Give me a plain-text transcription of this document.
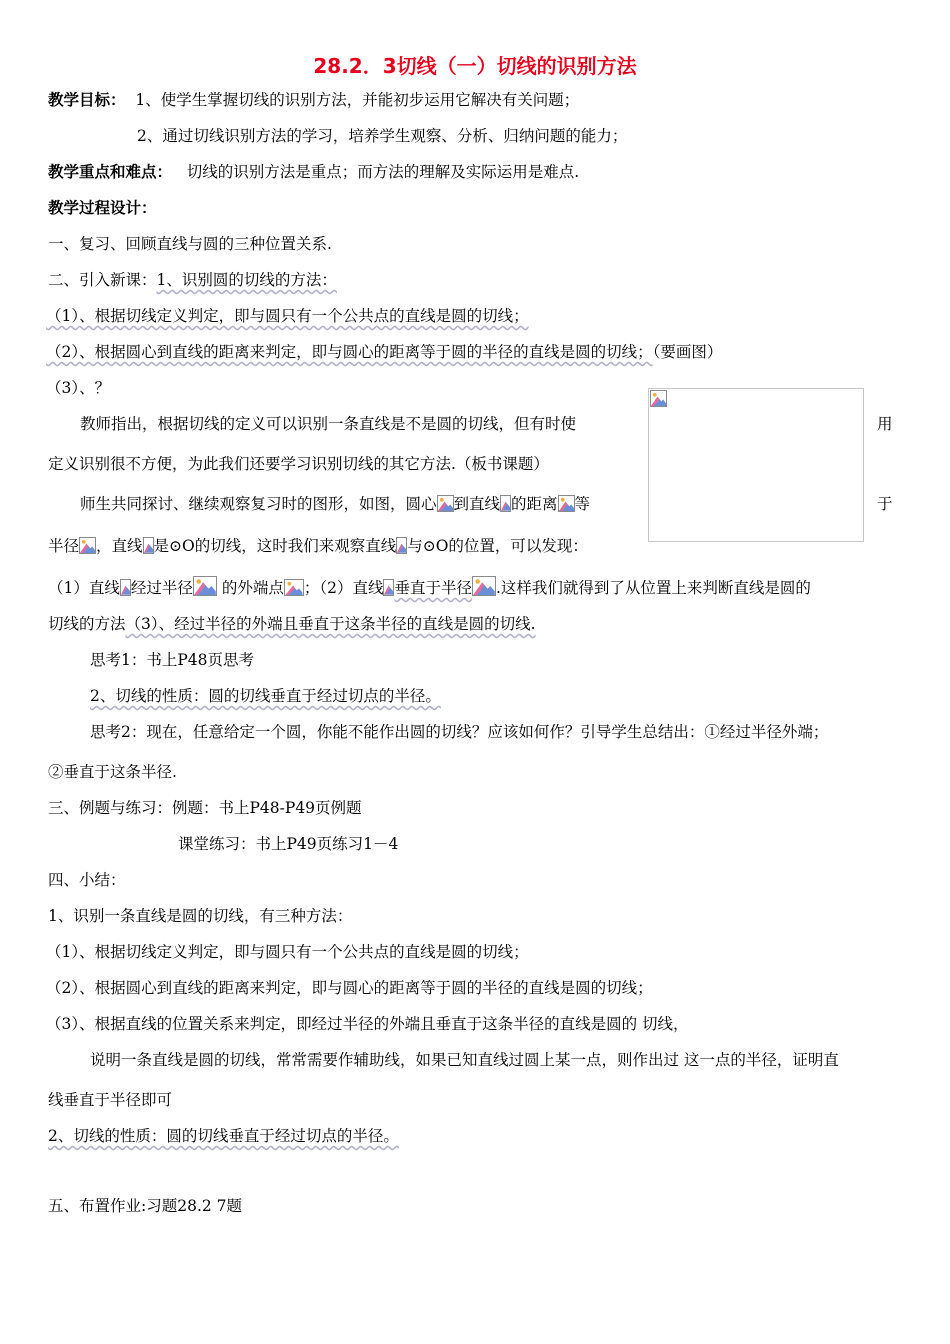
28.2．3切线（一）切线的识别方法
教学目标： 1、使学生掌握切线的识别方法，并能初步运用它解决有关问题；
2、通过切线识别方法的学习，培养学生观察、分析、归纳问题的能力；
教学重点和难点： 切线的识别方法是重点；而方法的理解及实际运用是难点.
教学过程设计：
一、复习、回顾直线与圆的三种位置关系.
二、引入新课：1、识别圆的切线的方法：
（1）、根据切线定义判定，即与圆只有一个公共点的直线是圆的切线；
（2）、根据圆心到直线的距离来判定，即与圆心的距离等于圆的半径的直线是圆的切线；（要画图）
（3）、？
教师指出，根据切线的定义可以识别一条直线是不是圆的切线，但有时使	用
定义识别很不方便，为此我们还要学习识别切线的其它方法.（板书课题）
师生共同探讨、继续观察复习时的图形，如图，圆心 到直线 的距离 等	于
半径 ，直线 是⊙O的切线，这时我们来观察直线 与⊙O的位置，可以发现：
（1）直线 经过半径 的外端点 ；（2）直线 垂直于半径 .这样我们就得到了从位置上来判断直线是圆的
切线的方法（3）、经过半径的外端且垂直于这条半径的直线是圆的切线.
思考1：书上P48页思考
2、切线的性质：圆的切线垂直于经过切点的半径。
思考2：现在，任意给定一个圆，你能不能作出圆的切线？应该如何作？引导学生总结出：①经过半径外端；
②垂直于这条半径.
三、例题与练习：例题：书上P48-P49页例题
课堂练习：书上P49页练习1－4
四、小结：
1、识别一条直线是圆的切线，有三种方法：
（1）、根据切线定义判定，即与圆只有一个公共点的直线是圆的切线；
（2）、根据圆心到直线的距离来判定，即与圆心的距离等于圆的半径的直线是圆的切线；
（3）、根据直线的位置关系来判定，即经过半径的外端且垂直于这条半径的直线是圆的 切线，
说明一条直线是圆的切线，常常需要作辅助线，如果已知直线过圆上某一点，则作出过 这一点的半径，证明直
线垂直于半径即可
2、切线的性质：圆的切线垂直于经过切点的半径。
五、布置作业:习题28.2 7题
